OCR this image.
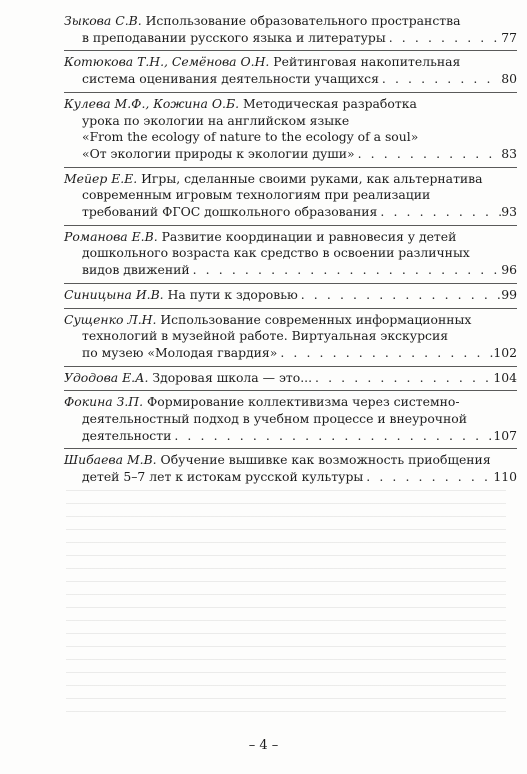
Зыкова С.В. Использование образовательного пространства
в преподавании русского языка и литературы . . .	77
Котюкова Т.Н., Семёнова О.Н. Рейтинговая накопительная
система оценивания деятельности учащихся . . .	80
Кулева М.Ф., Кожина О.Б. Методическая разработка
урока по экологии на английском языке
«From the ecology of nature to the ecology of a soul»
«От экологии природы к экологии души» . . .	83
Мейер Е.Е. Игры, сделанные своими руками, как альтернатива
современным игровым технологиям при реализации
требований ФГОС дошкольного образования . . .	93
Романова Е.В. Развитие координации и равновесия у детей
дошкольного возраста как средство в освоении различных
видов движений . . .	96
Синицына И.В. На пути к здоровью . . .	99
Сущенко Л.Н. Использование современных информационных
технологий в музейной работе. Виртуальная экскурсия
по музею «Молодая гвардия» . . .	102
Удодова Е.А. Здоровая школа — это... . . .	104
Фокина З.П. Формирование коллективизма через системно-
деятельностный подход в учебном процессе и внеурочной
деятельности . . .	107
Шибаева М.В. Обучение вышивке как возможность приобщения
детей 5–7 лет к истокам русской культуры . . .	110
– 4 –
